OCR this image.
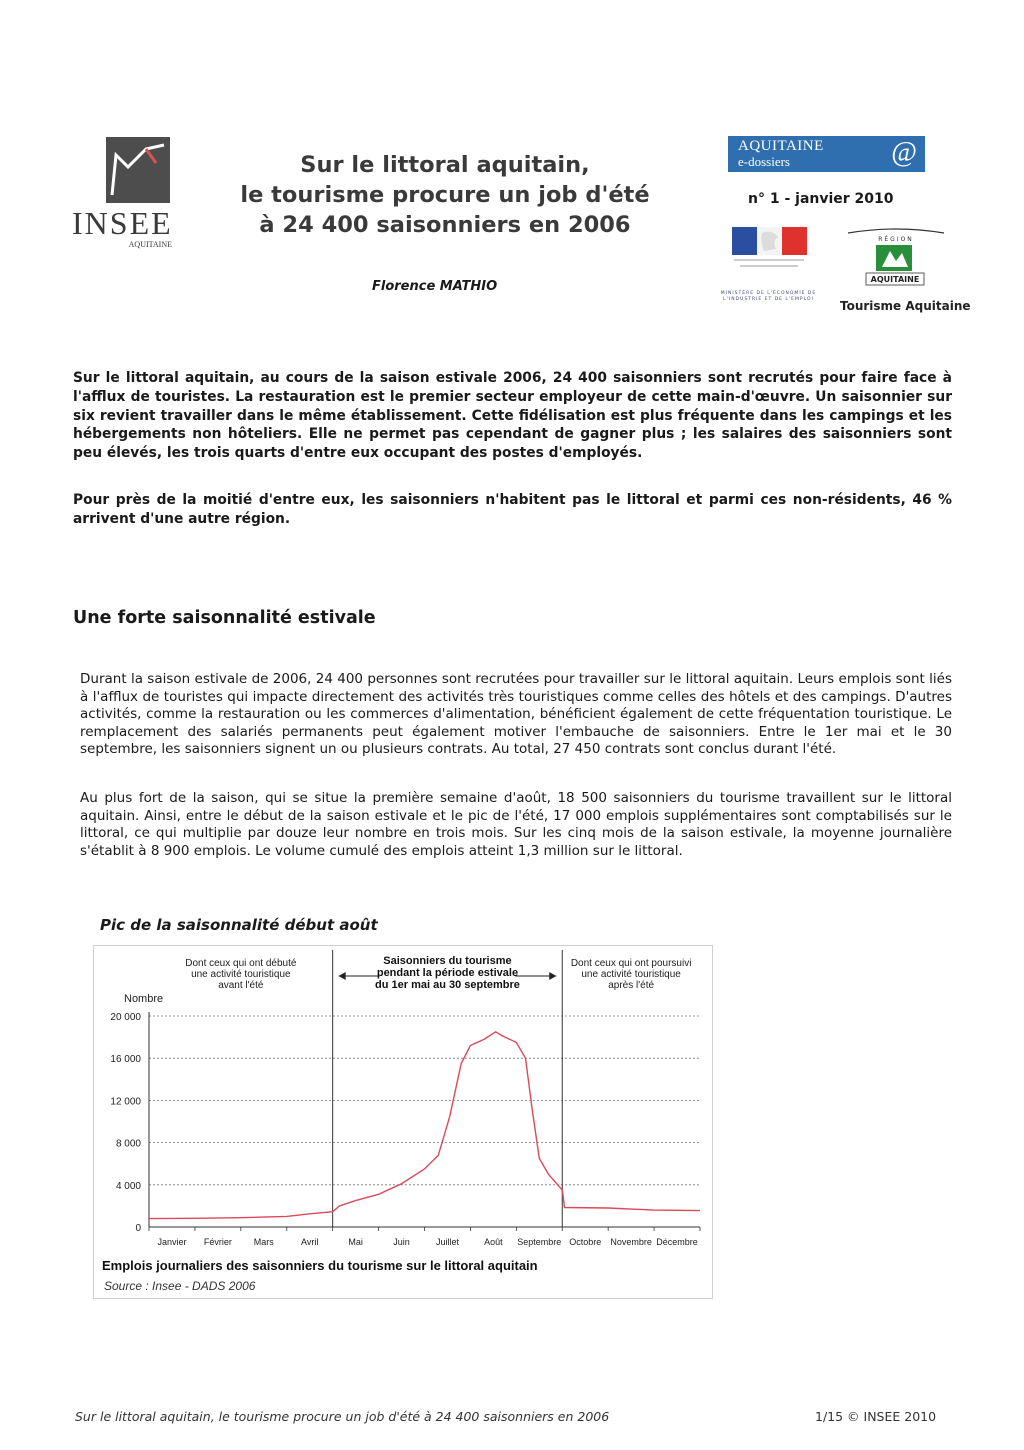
INSEE
AQUITAINE
Sur le littoral aquitain,
le tourisme procure un job d'été
à 24 400 saisonniers en 2006
Florence MATHIO
AQUITAINE
e-dossiers	@
n° 1 - janvier 2010
MINISTÈRE DE L'ÉCONOMIE DE L'INDUSTRIE ET DE L'EMPLOI
RÉGION
AQUITAINE
Tourisme Aquitaine

Sur le littoral aquitain, au cours de la saison estivale 2006, 24 400 saisonniers sont recrutés pour faire face à l'afflux de touristes. La restauration est le premier secteur employeur de cette main-d'œuvre. Un saisonnier sur six revient travailler dans le même établissement. Cette fidélisation est plus fréquente dans les campings et les hébergements non hôteliers. Elle ne permet pas cependant de gagner plus ; les salaires des saisonniers sont peu élevés, les trois quarts d'entre eux occupant des postes d'employés.

Pour près de la moitié d'entre eux, les saisonniers n'habitent pas le littoral et parmi ces non-résidents, 46 % arrivent d'une autre région.

Une forte saisonnalité estivale

Durant la saison estivale de 2006, 24 400 personnes sont recrutées pour travailler sur le littoral aquitain. Leurs emplois sont liés à l'afflux de touristes qui impacte directement des activités très touristiques comme celles des hôtels et des campings. D'autres activités, comme la restauration ou les commerces d'alimentation, bénéficient également de cette fréquentation touristique. Le remplacement des salariés permanents peut également motiver l'embauche de saisonniers. Entre le 1er mai et le 30 septembre, les saisonniers signent un ou plusieurs contrats. Au total, 27 450 contrats sont conclus durant l'été.

Au plus fort de la saison, qui se situe la première semaine d'août, 18 500 saisonniers du tourisme travaillent sur le littoral aquitain. Ainsi, entre le début de la saison estivale et le pic de l'été, 17 000 emplois supplémentaires sont comptabilisés sur le littoral, ce qui multiplie par douze leur nombre en trois mois. Sur les cinq mois de la saison estivale, la moyenne journalière s'établit à 8 900 emplois. Le volume cumulé des emplois atteint 1,3 million sur le littoral.

Pic de la saisonnalité début août
20 000
16 000
12 000
8 000
4 000
0
Nombre
Janvier Février Mars	Avril	Mai	Juin	Juillet	Août Septembre Octobre Novembre Décembre
Dont ceux qui ont débuté
une activité touristique
avant l'été
Saisonniers du tourisme
pendant la période estivale
du 1er mai au 30 septembre
Dont ceux qui ont poursuivi
une activité touristique
après l'été
Emplois journaliers des saisonniers du tourisme sur le littoral aquitain
Source : Insee - DADS 2006
Sur le littoral aquitain, le tourisme procure un job d'été à 24 400 saisonniers en 2006	1/15 © INSEE 2010
